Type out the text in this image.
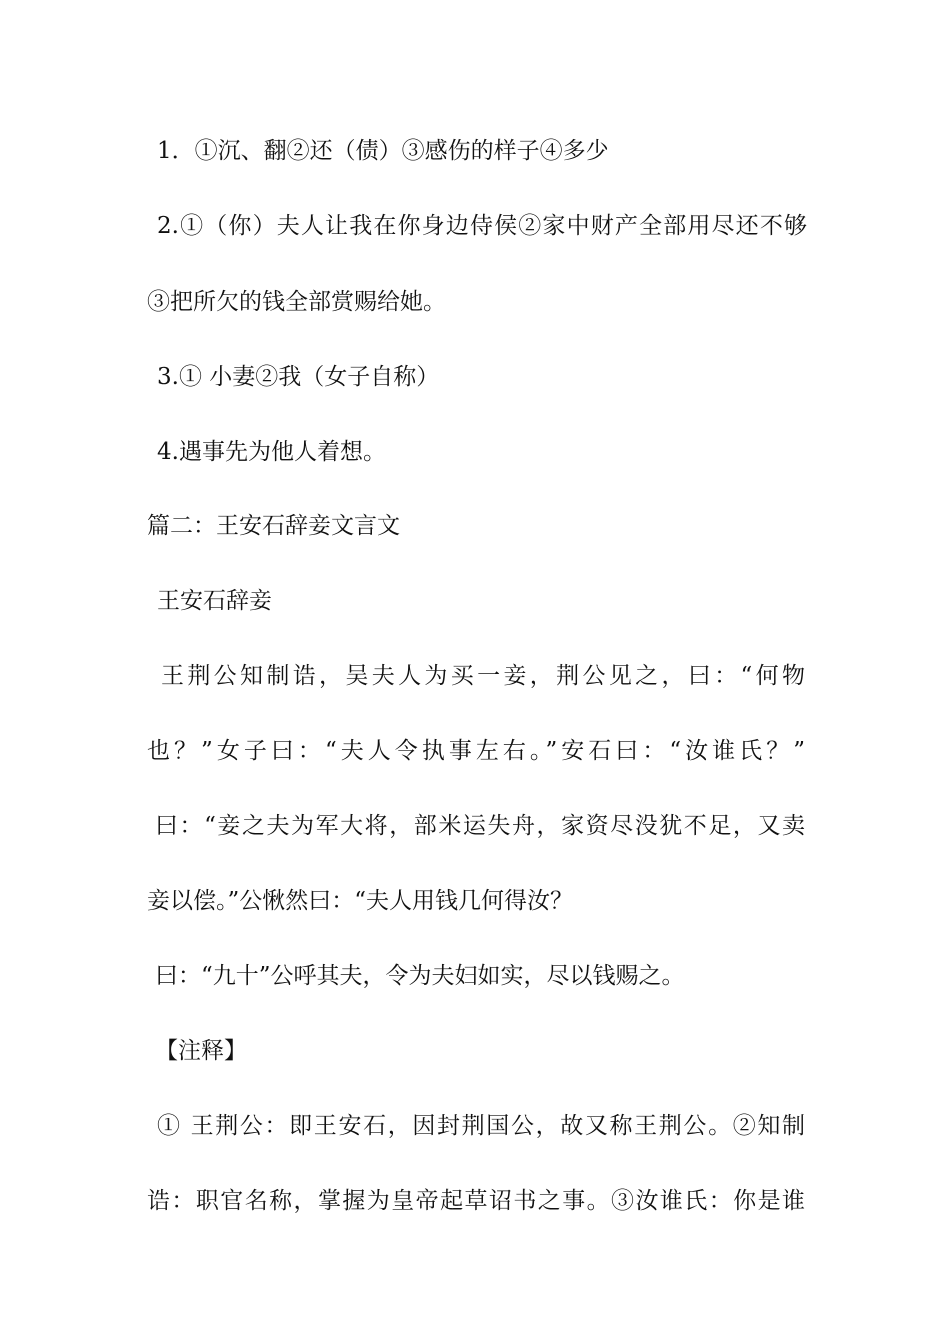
1．①沉、翻②还（债）③感伤的样子④多少
2.①（你）夫人让我在你身边侍侯②家中财产全部用尽还不够
③把所欠的钱全部赏赐给她。
3.① 小妻②我（女子自称）
4.遇事先为他人着想。
篇二：王安石辞妾文言文
王安石辞妾
王荆公知制诰，吴夫人为买一妾，荆公见之，曰：“何物
也？”女子曰：“夫人令执事左右。”安石曰：“汝谁氏？”
曰：“妾之夫为军大将，部米运失舟，家资尽没犹不足，又卖
妾以偿。”公愀然曰：“夫人用钱几何得汝？
曰：“九十”公呼其夫，令为夫妇如实，尽以钱赐之。
【注释】
① 王荆公：即王安石，因封荆国公，故又称王荆公。②知制
诰：职官名称，掌握为皇帝起草诏书之事。③汝谁氏：你是谁
